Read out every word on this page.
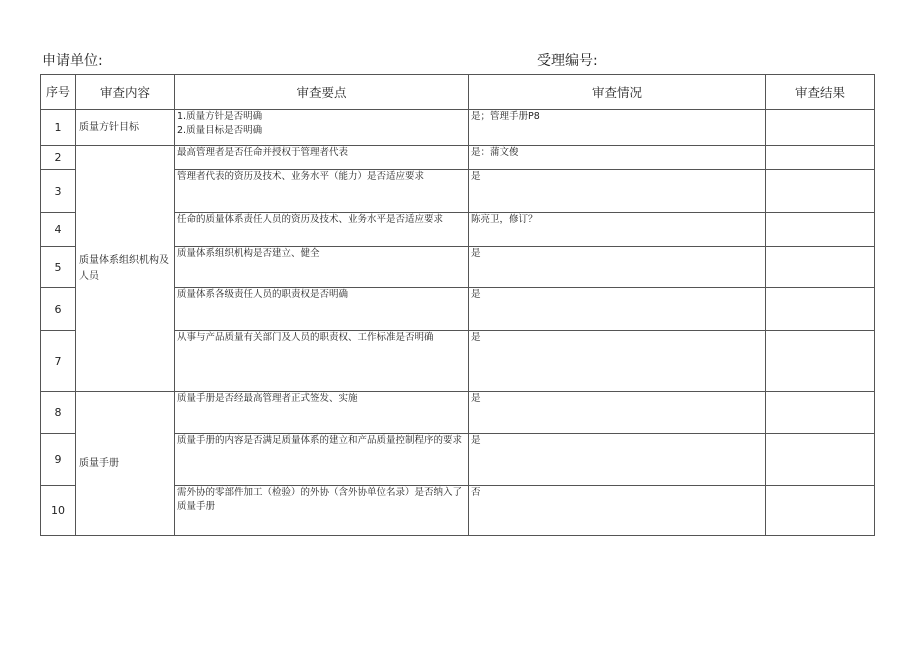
申请单位:	受理编号:
序号	审查内容	审查要点	审查情况	审查结果
1	质量方针目标	1.质量方针是否明确
2.质量目标是否明确	是；管理手册P8	
2	质量体系组织机构及人员	最高管理者是否任命并授权于管理者代表	是：蒲文俊	
3		管理者代表的资历及技术、业务水平（能力）是否适应要求	是	
4		任命的质量体系责任人员的资历及技术、业务水平是否适应要求	陈亮卫，修订？	
5		质量体系组织机构是否建立、健全	是	
6		质量体系各级责任人员的职责权是否明确	是	
7		从事与产品质量有关部门及人员的职责权、工作标准是否明确	是	
8	质量手册	质量手册是否经最高管理者正式签发、实施	是	
9		质量手册的内容是否满足质量体系的建立和产品质量控制程序的要求	是	
10		需外协的零部件加工（检验）的外协（含外协单位名录）是否纳入了质量手册	否	
